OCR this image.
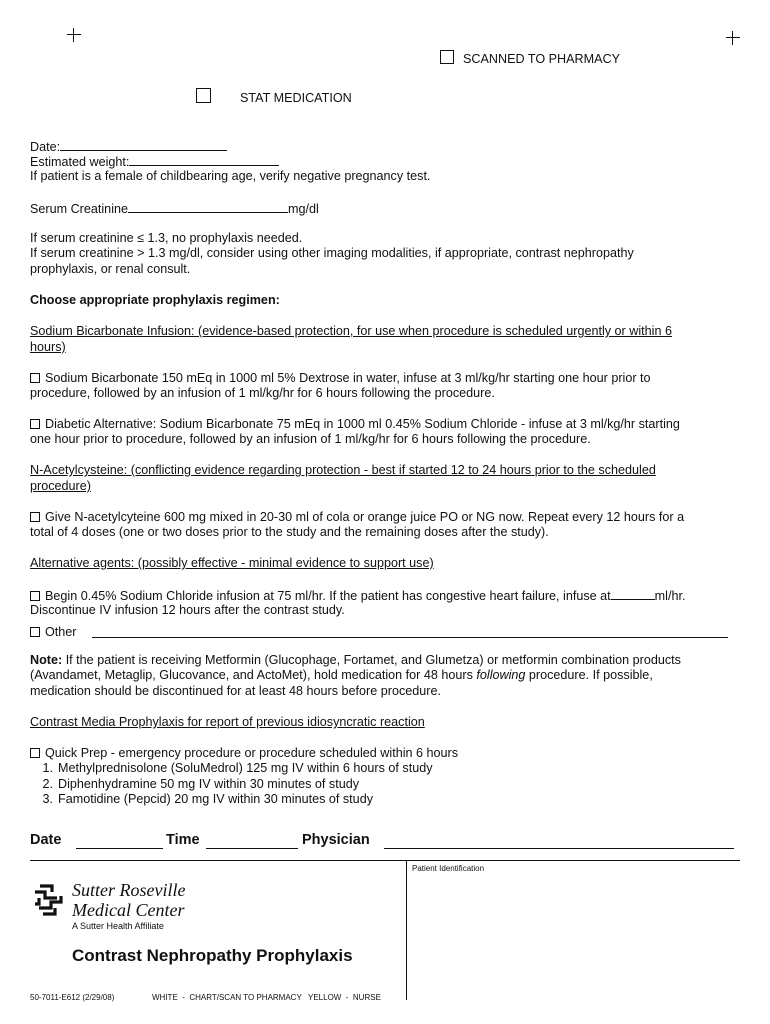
SCANNED TO PHARMACY
STAT MEDICATION
Date:
Estimated weight:
If patient is a female of childbearing age, verify negative pregnancy test.
Serum Creatinine	mg/dl
If serum creatinine ≤ 1.3, no prophylaxis needed.
If serum creatinine > 1.3 mg/dl, consider using other imaging modalities, if appropriate, contrast nephropathy
prophylaxis, or renal consult.
Choose appropriate prophylaxis regimen:
Sodium Bicarbonate Infusion: (evidence-based protection, for use when procedure is scheduled urgently or within 6
hours)
Sodium Bicarbonate 150 mEq in 1000 ml 5% Dextrose in water, infuse at 3 ml/kg/hr starting one hour prior to
procedure, followed by an infusion of 1 ml/kg/hr for 6 hours following the procedure.
Diabetic Alternative: Sodium Bicarbonate 75 mEq in 1000 ml 0.45% Sodium Chloride - infuse at 3 ml/kg/hr starting
one hour prior to procedure, followed by an infusion of 1 ml/kg/hr for 6 hours following the procedure.
N-Acetylcysteine: (conflicting evidence regarding protection - best if started 12 to 24 hours prior to the scheduled
procedure)
Give N-acetylcyteine 600 mg mixed in 20-30 ml of cola or orange juice PO or NG now. Repeat every 12 hours for a
total of 4 doses (one or two doses prior to the study and the remaining doses after the study).
Alternative agents: (possibly effective - minimal evidence to support use)
Begin 0.45% Sodium Chloride infusion at 75 ml/hr. If the patient has congestive heart failure, infuse at	ml/hr.
Discontinue IV infusion 12 hours after the contrast study.
Other
Note: If the patient is receiving Metformin (Glucophage, Fortamet, and Glumetza) or metformin combination products
(Avandamet, Metaglip, Glucovance, and ActoMet), hold medication for 48 hours following procedure. If possible,
medication should be discontinued for at least 48 hours before procedure.
Contrast Media Prophylaxis for report of previous idiosyncratic reaction
Quick Prep - emergency procedure or procedure scheduled within 6 hours
1. Methylprednisolone (SoluMedrol) 125 mg IV within 6 hours of study
2. Diphenhydramine 50 mg IV within 30 minutes of study
3. Famotidine (Pepcid) 20 mg IV within 30 minutes of study
Date	Time	Physician
Patient Identification
Sutter Roseville
Medical Center
A Sutter Health Affiliate
Contrast Nephropathy Prophylaxis
50-7011-E612 (2/29/08)	WHITE  -  CHART/SCAN TO PHARMACY YELLOW  -  NURSE
